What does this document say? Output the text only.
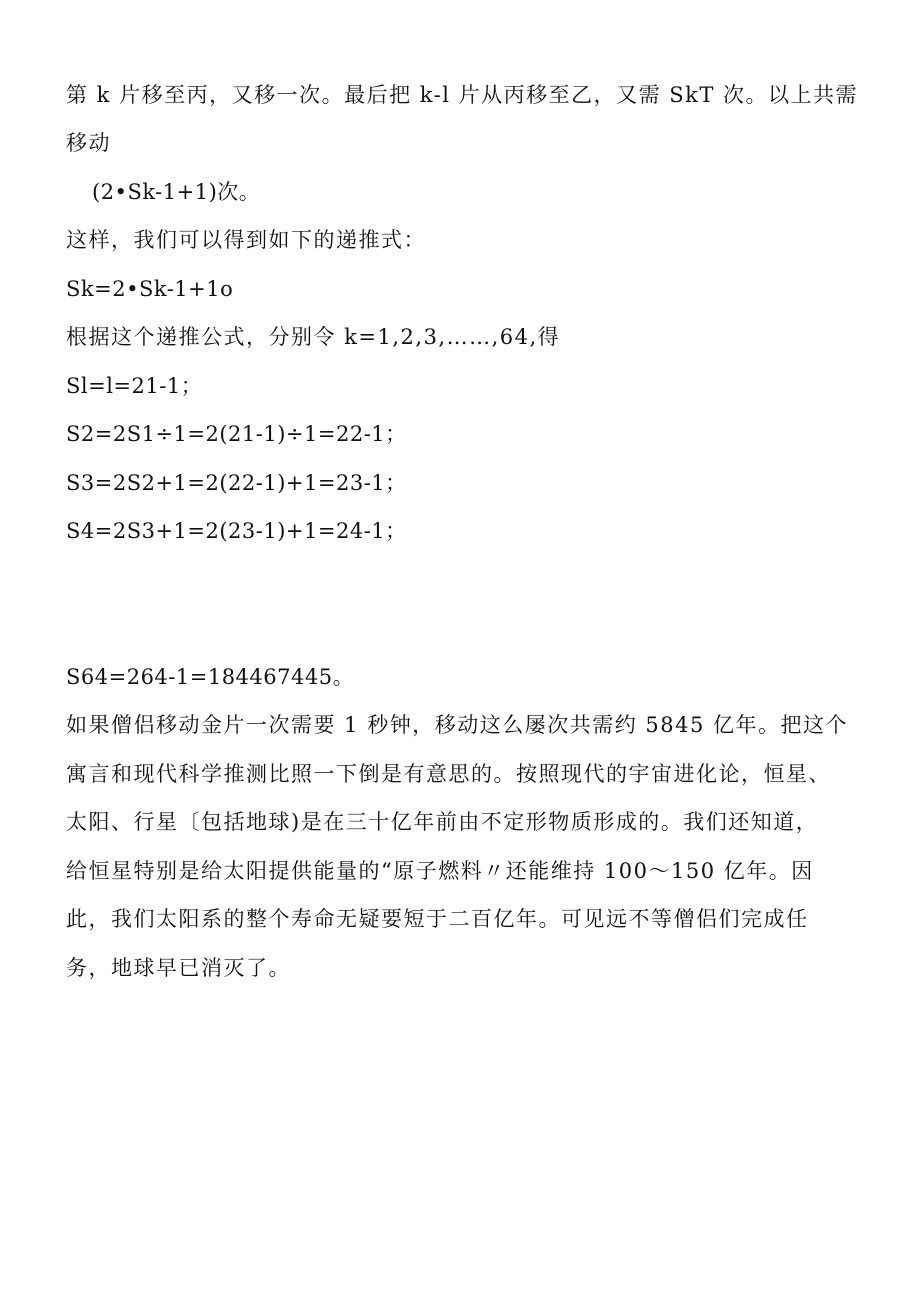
第 k 片移至丙，又移一次。最后把 k-l 片从丙移至乙，又需 SkT 次。以上共需
移动
(2•Sk-1+1)次。
这样，我们可以得到如下的递推式：
Sk=2•Sk-1+1o
根据这个递推公式，分别令 k=1,2,3,……,64,得
Sl=l=21-1；
S2=2S1÷1=2(21-1)÷1=22-1；
S3=2S2+1=2(22-1)+1=23-1；
S4=2S3+1=2(23-1)+1=24-1；
S64=264-1=184467445。
如果僧侣移动金片一次需要 1 秒钟，移动这么屡次共需约 5845 亿年。把这个
寓言和现代科学推测比照一下倒是有意思的。按照现代的宇宙进化论，恒星、
太阳、行星〔包括地球)是在三十亿年前由不定形物质形成的。我们还知道，
给恒星特别是给太阳提供能量的“原子燃料〃还能维持 100～150 亿年。因
此，我们太阳系的整个寿命无疑要短于二百亿年。可见远不等僧侣们完成任
务，地球早已消灭了。
